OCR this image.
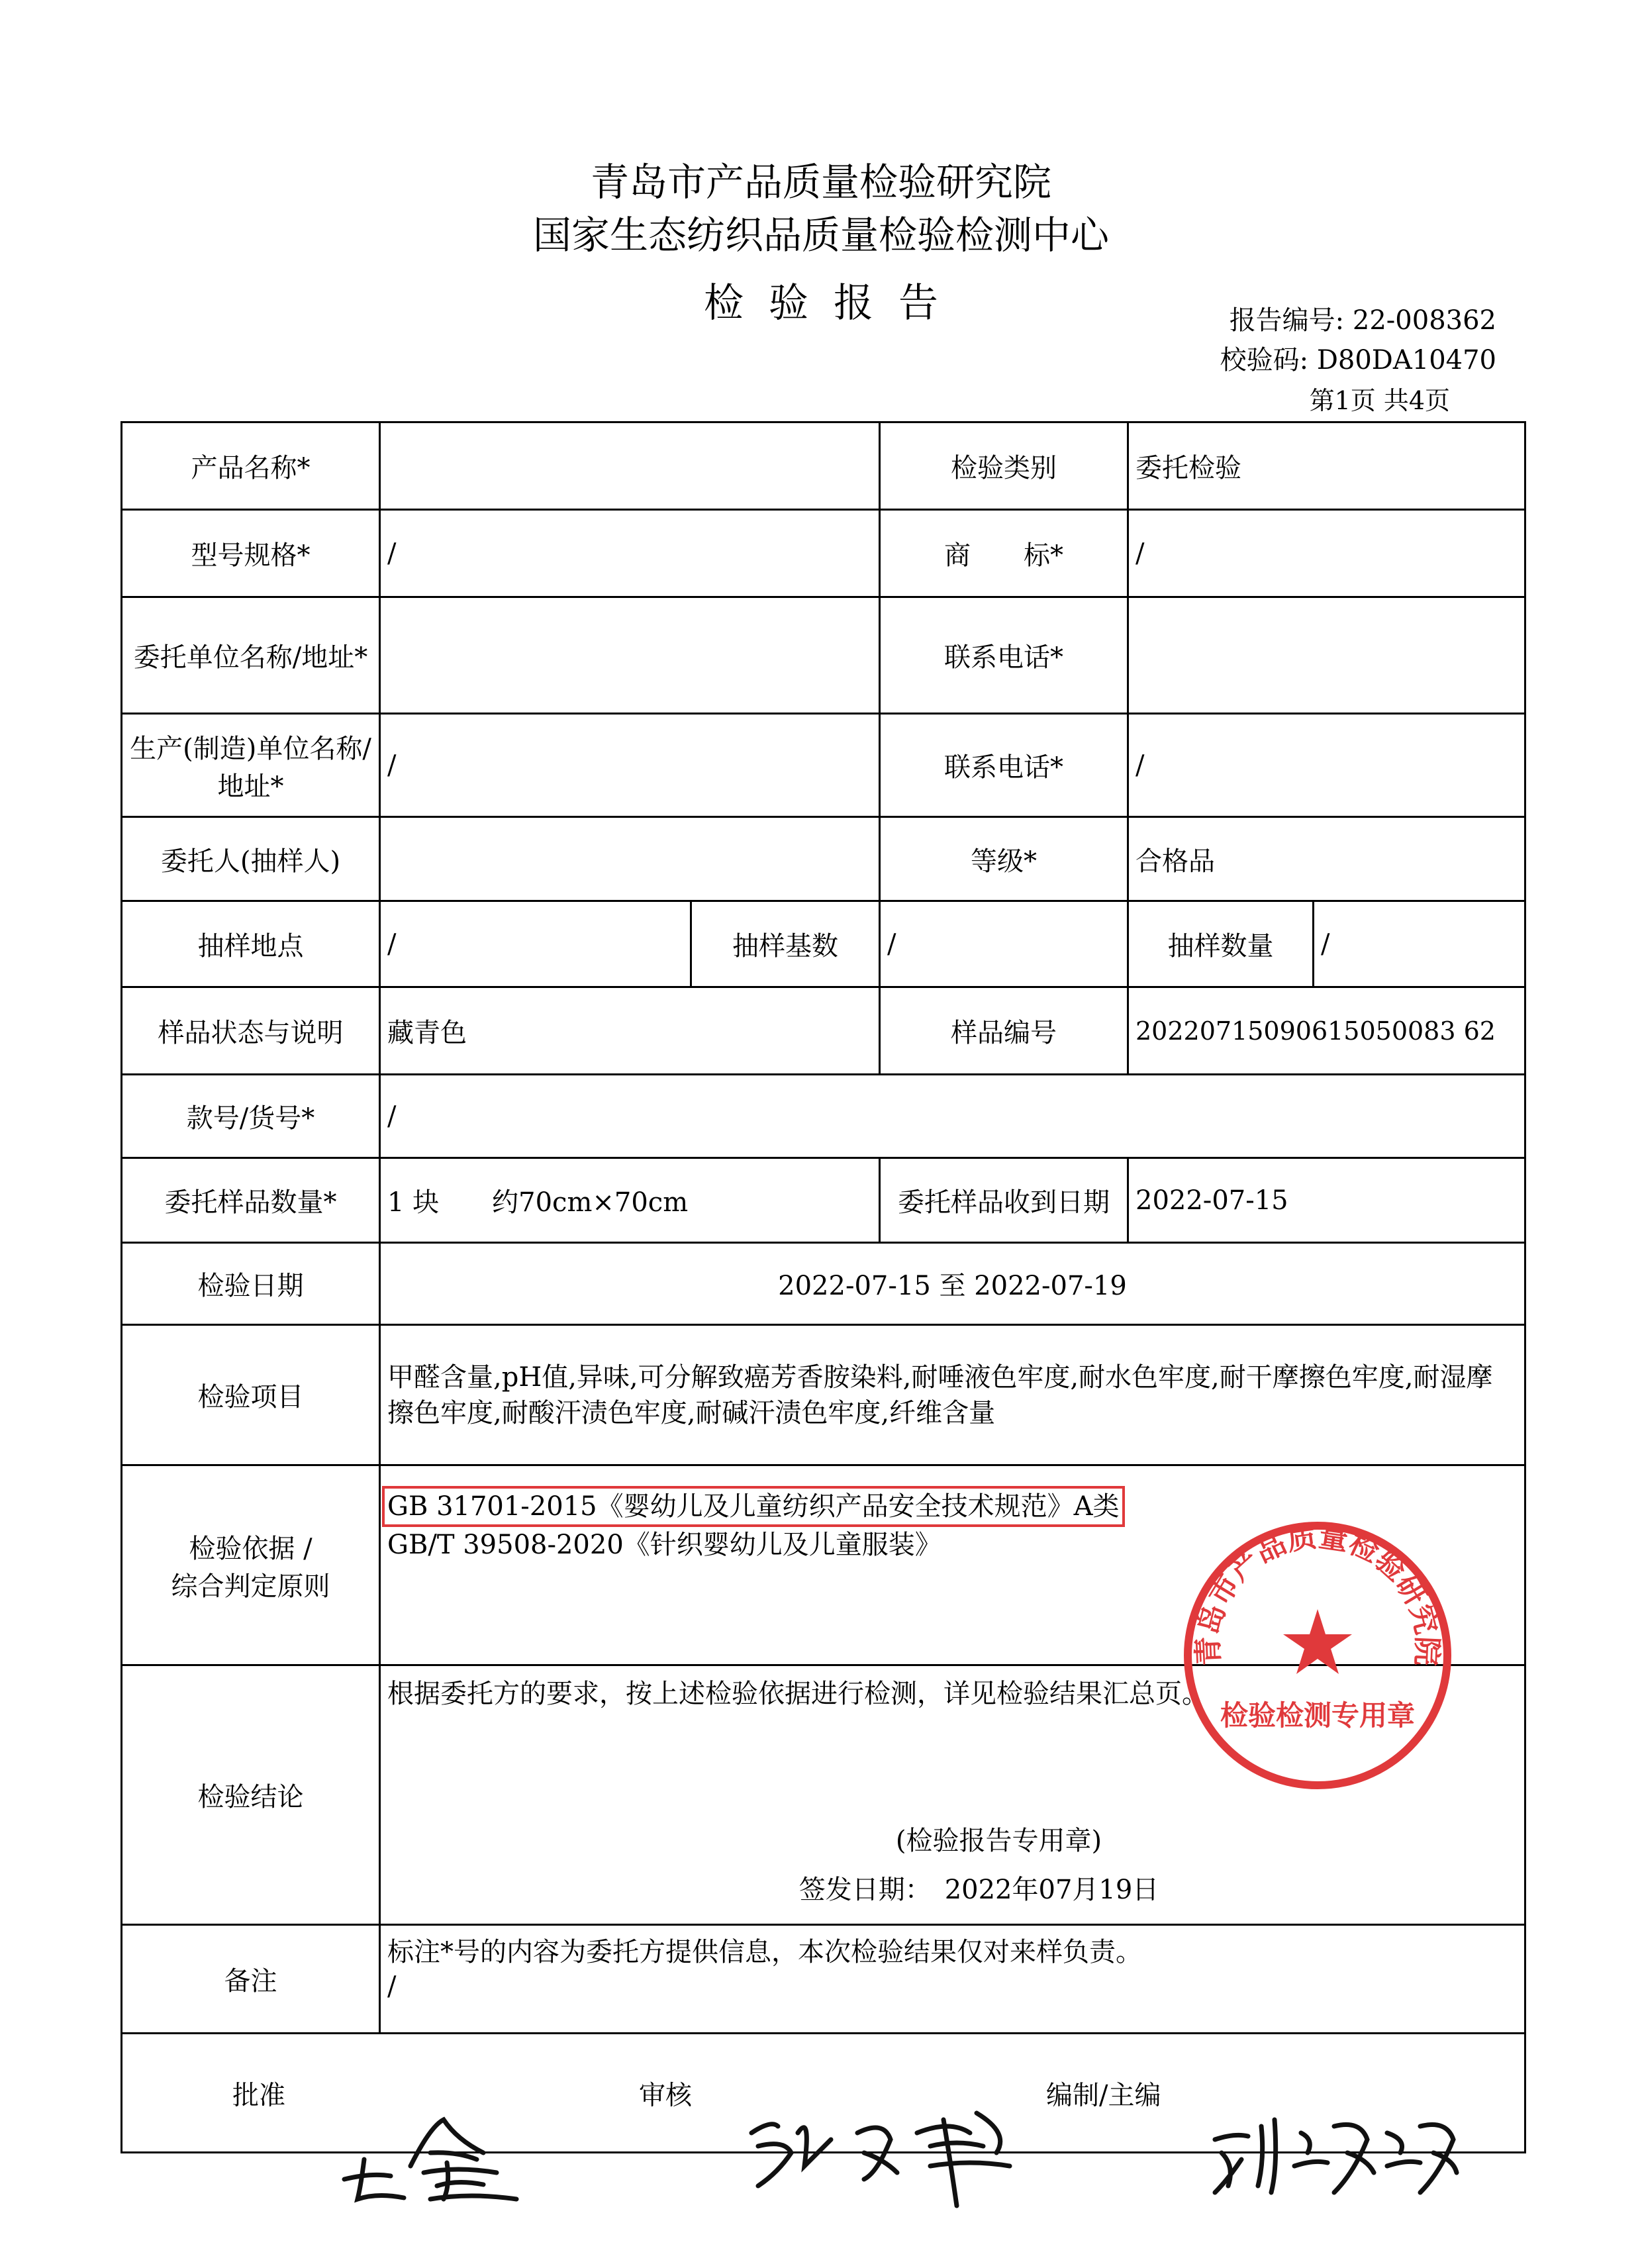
青岛市产品质量检验研究院
国家生态纺织品质量检验检测中心
检验报告	报告编号: 22-008362
校验码: D80DA10470
第1页 共4页
产品名称*			检验类别	委托检验	
型号规格*	/		商　　标*	/	
委托单位名称/地址*			联系电话*		
生产(制造)单位名称/地址*	/		联系电话*	/	
委托人(抽样人)			等级*	合格品	
抽样地点	/	抽样基数	/	抽样数量	/
样品状态与说明	藏青色		样品编号	20220715090615050083 62	
款号/货号*	/				
委托样品数量*	1 块　　约70cm×70cm		委托样品收到日期	2022-07-15	
检验日期	2022-07-15 至 2022-07-19				
检验项目	甲醛含量,pH值,异味,可分解致癌芳香胺染料,耐唾液色牢度,耐水色牢度,耐干摩擦色牢度,耐湿摩擦色牢度,耐酸汗渍色牢度,耐碱汗渍色牢度,纤维含量				
检验依据 /
综合判定原则	GB 31701-2015《婴幼儿及儿童纺织产品安全技术规范》A类
GB/T 39508-2020《针织婴幼儿及儿童服装》				
检验结论	根据委托方的要求，按上述检验依据进行检测，详见检验结果汇总页。
(检验报告专用章)
签发日期：　2022年07月19日				

备注	标注*号的内容为委托方提供信息，本次检验结果仅对来样负责。
/				

批准 审核 编制/主编					
青岛市产品质量检验研究院
检验检测专用章
